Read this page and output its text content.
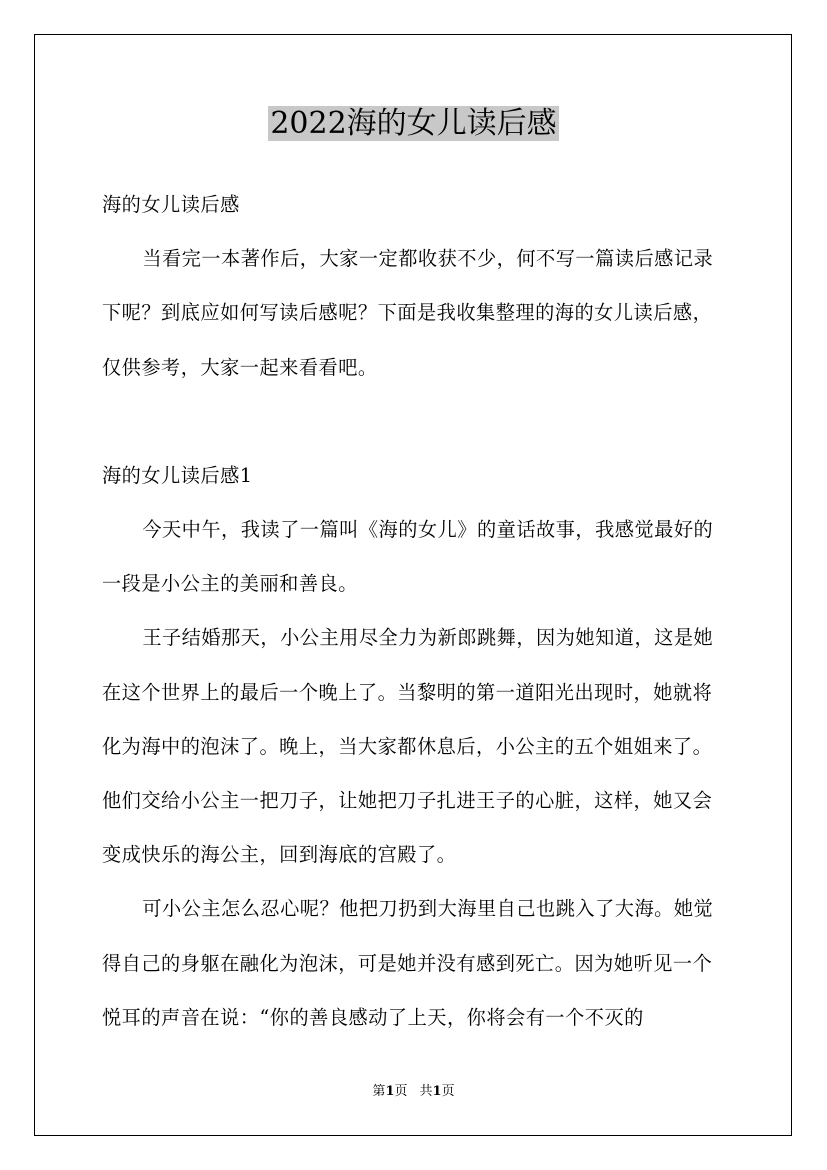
2022海的女儿读后感

海的女儿读后感

当看完一本著作后，大家一定都收获不少，何不写一篇读后感记录下呢？到底应如何写读后感呢？下面是我收集整理的海的女儿读后感，仅供参考，大家一起来看看吧。

海的女儿读后感1

今天中午，我读了一篇叫《海的女儿》的童话故事，我感觉最好的一段是小公主的美丽和善良。

王子结婚那天，小公主用尽全力为新郎跳舞，因为她知道，这是她在这个世界上的最后一个晚上了。当黎明的第一道阳光出现时，她就将化为海中的泡沫了。晚上，当大家都休息后，小公主的五个姐姐来了。他们交给小公主一把刀子，让她把刀子扎进王子的心脏，这样，她又会变成快乐的海公主，回到海底的宫殿了。

可小公主怎么忍心呢？他把刀扔到大海里自己也跳入了大海。她觉得自己的身躯在融化为泡沫，可是她并没有感到死亡。因为她听见一个悦耳的声音在说：“你的善良感动了上天，你将会有一个不灭的

第1页 共1页
